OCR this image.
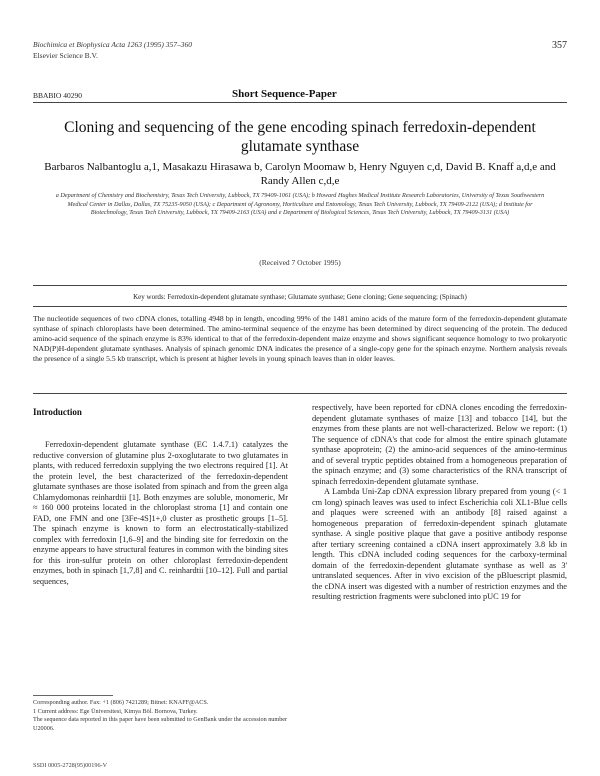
Biochimica et Biophysica Acta 1263 (1995) 357–360
Elsevier Science B.V.
357
BBABIO 40290	Short Sequence-Paper
Cloning and sequencing of the gene encoding spinach ferredoxin-dependent glutamate synthase
Barbaros Nalbantoglu a,1, Masakazu Hirasawa b, Carolyn Moomaw b, Henry Nguyen c,d, David B. Knaff a,d,e and Randy Allen c,d,e
a Department of Chemistry and Biochemistry, Texas Tech University, Lubbock, TX 79409-1061 (USA); b Howard Hughes Medical Institute Research Laboratories, University of Texas Southwestern Medical Center in Dallas, Dallas, TX 75235-9050 (USA); c Department of Agronomy, Horticulture and Entomology, Texas Tech University, Lubbock, TX 79409-2122 (USA); d Institute for Biotechnology, Texas Tech University, Lubbock, TX 79409-2163 (USA) and e Department of Biological Sciences, Texas Tech University, Lubbock, TX 79409-3131 (USA)
(Received 7 October 1995)
Key words: Ferredoxin-dependent glutamate synthase; Glutamate synthase; Gene cloning; Gene sequencing; (Spinach)
The nucleotide sequences of two cDNA clones, totalling 4948 bp in length, encoding 99% of the 1481 amino acids of the mature form of the ferredoxin-dependent glutamate synthase of spinach chloroplasts have been determined. The amino-terminal sequence of the enzyme has been determined by direct sequencing of the protein. The deduced amino-acid sequence of the spinach enzyme is 83% identical to that of the ferredoxin-dependent maize enzyme and shows significant sequence homology to two prokaryotic NAD(P)H-dependent glutamate synthases. Analysis of spinach genomic DNA indicates the presence of a single-copy gene for the spinach enzyme. Northern analysis reveals the presence of a single 5.5 kb transcript, which is present at higher levels in young spinach leaves than in older leaves.
Introduction

Ferredoxin-dependent glutamate synthase (EC 1.4.7.1) catalyzes the reductive conversion of glutamine plus 2-oxoglutarate to two glutamates in plants, with reduced ferredoxin supplying the two electrons required [1]. At the protein level, the best characterized of the ferredoxin-dependent glutamate synthases are those isolated from spinach and from the green alga Chlamydomonas reinhardtii [1]. Both enzymes are soluble, monomeric, Mr ≈ 160 000 proteins located in the chloroplast stroma [1] and contain one FAD, one FMN and one [3Fe-4S]1+,0 cluster as prosthetic groups [1–5]. The spinach enzyme is known to form an electrostatically-stabilized complex with ferredoxin [1,6–9] and the binding site for ferredoxin on the enzyme appears to have structural features in common with the binding sites for this iron-sulfur protein on other chloroplast ferredoxin-dependent enzymes, both in spinach [1,7,8] and C. reinhardtii [10–12]. Full and partial sequences,

respectively, have been reported for cDNA clones encoding the ferredoxin-dependent glutamate synthases of maize [13] and tobacco [14], but the enzymes from these plants are not well-characterized. Below we report: (1) The sequence of cDNA's that code for almost the entire spinach glutamate synthase apoprotein; (2) the amino-acid sequences of the amino-terminus and of several tryptic peptides obtained from a homogeneous preparation of the spinach enzyme; and (3) some characteristics of the RNA transcript of spinach ferredoxin-dependent glutamate synthase.

A Lambda Uni-Zap cDNA expression library prepared from young (< 1 cm long) spinach leaves was used to infect Escherichia coli XL1-Blue cells and plaques were screened with an antibody [8] raised against a homogeneous preparation of ferredoxin-dependent spinach glutamate synthase. A single positive plaque that gave a positive antibody response after tertiary screening contained a cDNA insert approximately 3.8 kb in length. This cDNA included coding sequences for the carboxy-terminal domain of the ferredoxin-dependent glutamate synthase as well as 3' untranslated sequences. After in vivo excision of the pBluescript plasmid, the cDNA insert was digested with a number of restriction enzymes and the resulting restriction fragments were subcloned into pUC 19 for

Corresponding author. Fax: +1 (806) 7421289; Bitnet: KNAFF@ACS.
1 Current address: Ege Üniversitesi, Kimya Böl. Bornova, Turkey.
The sequence data reported in this paper have been submitted to GenBank under the accession number U20006.
SSDI 0005-2728(95)00196-V
